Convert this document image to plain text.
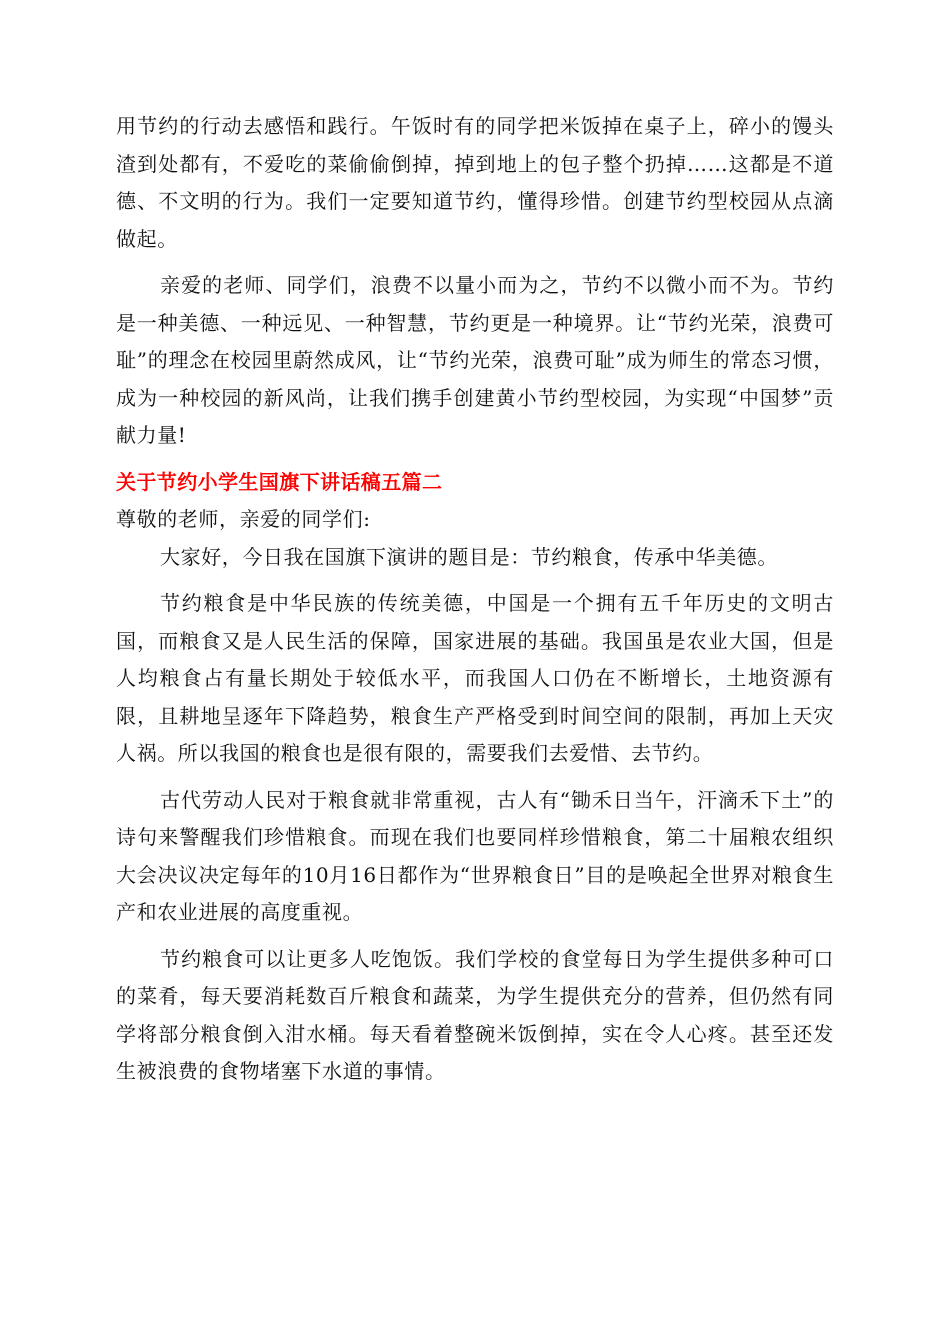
用节约的行动去感悟和践行。午饭时有的同学把米饭掉在桌子上，碎小的馒头渣到处都有，不爱吃的菜偷偷倒掉，掉到地上的包子整个扔掉……这都是不道德、不文明的行为。我们一定要知道节约，懂得珍惜。创建节约型校园从点滴做起。

亲爱的老师、同学们，浪费不以量小而为之，节约不以微小而不为。节约是一种美德、一种远见、一种智慧，节约更是一种境界。让“节约光荣，浪费可耻”的理念在校园里蔚然成风，让“节约光荣，浪费可耻”成为师生的常态习惯，成为一种校园的新风尚，让我们携手创建黄小节约型校园，为实现“中国梦”贡献力量!

关于节约小学生国旗下讲话稿五篇二

尊敬的老师，亲爱的同学们:

大家好，今日我在国旗下演讲的题目是：节约粮食，传承中华美德。

节约粮食是中华民族的传统美德，中国是一个拥有五千年历史的文明古国，而粮食又是人民生活的保障，国家进展的基础。我国虽是农业大国，但是人均粮食占有量长期处于较低水平，而我国人口仍在不断增长，土地资源有限，且耕地呈逐年下降趋势，粮食生产严格受到时间空间的限制，再加上天灾人祸。所以我国的粮食也是很有限的，需要我们去爱惜、去节约。

古代劳动人民对于粮食就非常重视，古人有“锄禾日当午，汗滴禾下土”的诗句来警醒我们珍惜粮食。而现在我们也要同样珍惜粮食，第二十届粮农组织大会决议决定每年的10月16日都作为“世界粮食日”目的是唤起全世界对粮食生产和农业进展的高度重视。

节约粮食可以让更多人吃饱饭。我们学校的食堂每日为学生提供多种可口的菜肴，每天要消耗数百斤粮食和蔬菜，为学生提供充分的营养，但仍然有同学将部分粮食倒入泔水桶。每天看着整碗米饭倒掉，实在令人心疼。甚至还发生被浪费的食物堵塞下水道的事情。
